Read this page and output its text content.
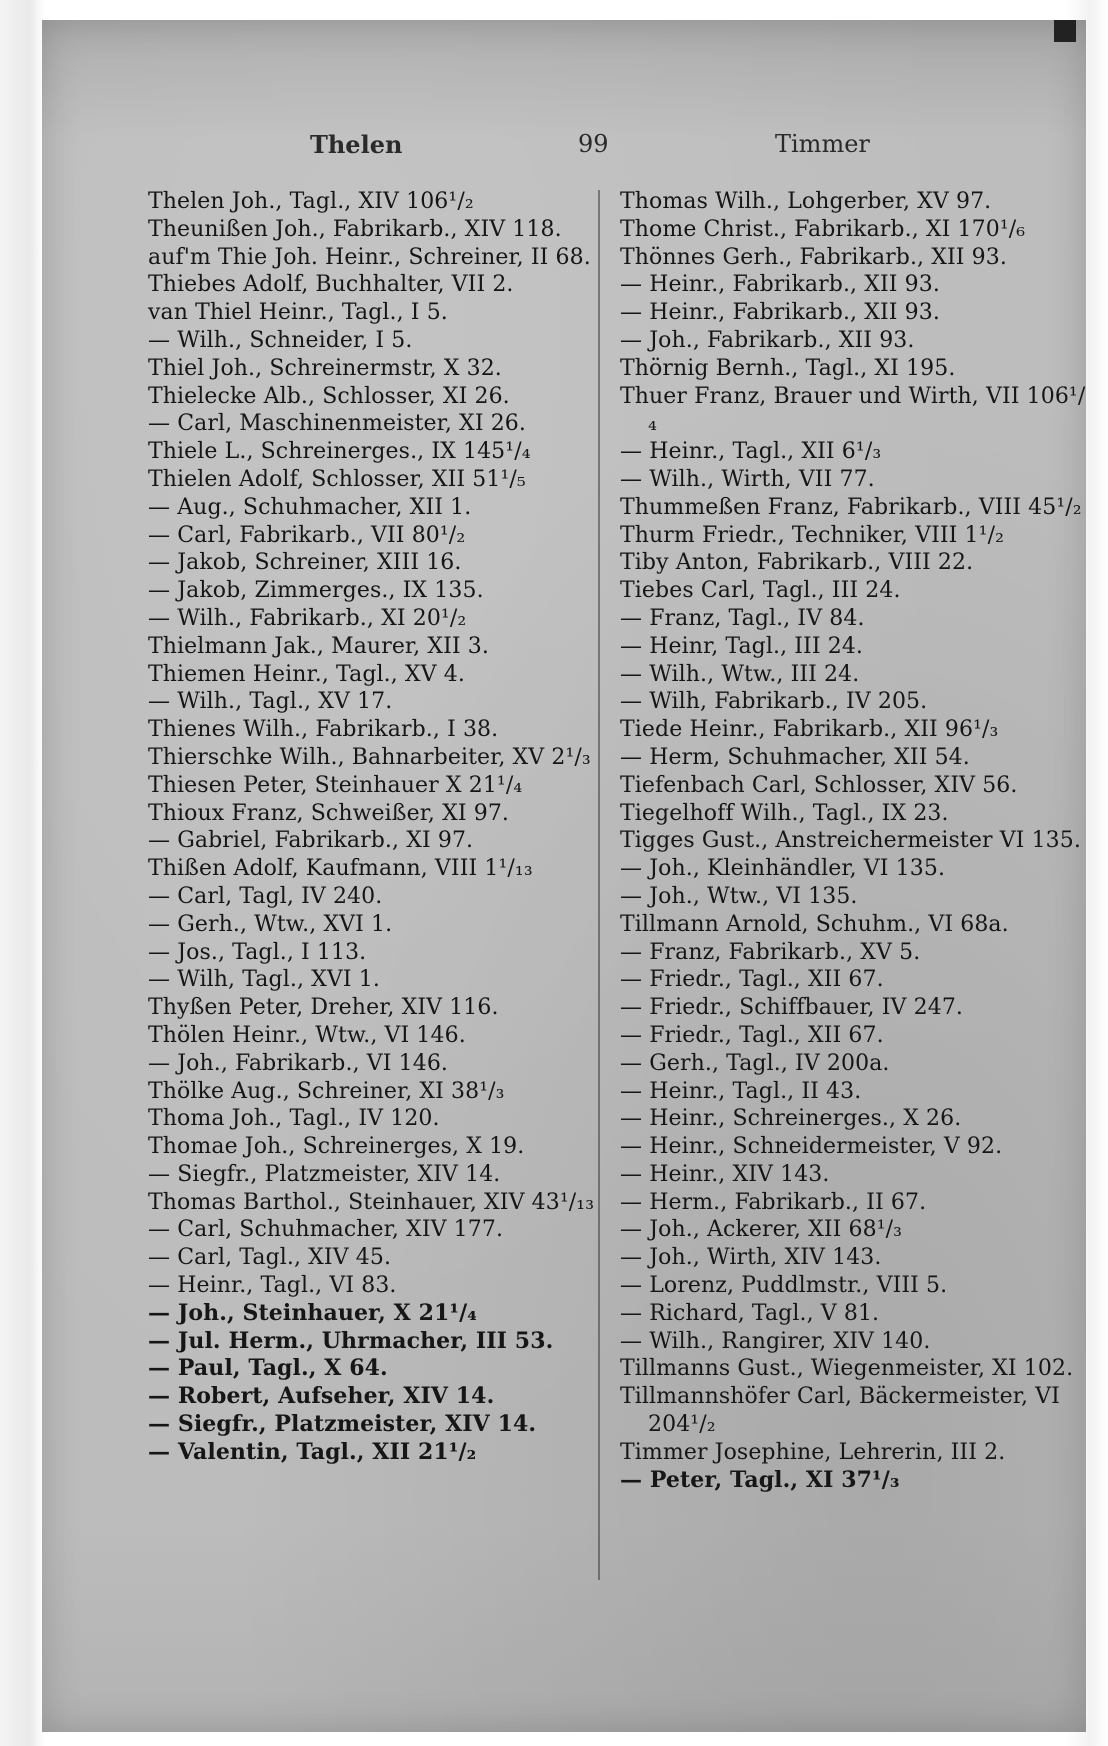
Thelen	99	Timmer
Thelen Joh., Tagl., XIV 106¹/₂
Theunißen Joh., Fabrikarb., XIV 118.
auf'm Thie Joh. Heinr., Schreiner, II 68.
Thiebes Adolf, Buchhalter, VII 2.
van Thiel Heinr., Tagl., I 5.
— Wilh., Schneider, I 5.
Thiel Joh., Schreinermstr, X 32.
Thielecke Alb., Schlosser, XI 26.
— Carl, Maschinenmeister, XI 26.
Thiele L., Schreinerges., IX 145¹/₄
Thielen Adolf, Schlosser, XII 51¹/₅
— Aug., Schuhmacher, XII 1.
— Carl, Fabrikarb., VII 80¹/₂
— Jakob, Schreiner, XIII 16.
— Jakob, Zimmerges., IX 135.
— Wilh., Fabrikarb., XI 20¹/₂
Thielmann Jak., Maurer, XII 3.
Thiemen Heinr., Tagl., XV 4.
— Wilh., Tagl., XV 17.
Thienes Wilh., Fabrikarb., I 38.
Thierschke Wilh., Bahnarbeiter, XV 2¹/₃
Thiesen Peter, Steinhauer X 21¹/₄
Thioux Franz, Schweißer, XI 97.
— Gabriel, Fabrikarb., XI 97.
Thißen Adolf, Kaufmann, VIII 1¹/₁₃
— Carl, Tagl, IV 240.
— Gerh., Wtw., XVI 1.
— Jos., Tagl., I 113.
— Wilh, Tagl., XVI 1.
Thyßen Peter, Dreher, XIV 116.
Thölen Heinr., Wtw., VI 146.
— Joh., Fabrikarb., VI 146.
Thölke Aug., Schreiner, XI 38¹/₃
Thoma Joh., Tagl., IV 120.
Thomae Joh., Schreinerges, X 19.
— Siegfr., Platzmeister, XIV 14.
Thomas Barthol., Steinhauer, XIV 43¹/₁₃
— Carl, Schuhmacher, XIV 177.
— Carl, Tagl., XIV 45.
— Heinr., Tagl., VI 83.
— Joh., Steinhauer, X 21¹/₄
— Jul. Herm., Uhrmacher, III 53.
— Paul, Tagl., X 64.
— Robert, Aufseher, XIV 14.
— Siegfr., Platzmeister, XIV 14.
— Valentin, Tagl., XII 21¹/₂
Thomas Wilh., Lohgerber, XV 97.
Thome Christ., Fabrikarb., XI 170¹/₆
Thönnes Gerh., Fabrikarb., XII 93.
— Heinr., Fabrikarb., XII 93.
— Heinr., Fabrikarb., XII 93.
— Joh., Fabrikarb., XII 93.
Thörnig Bernh., Tagl., XI 195.
Thuer Franz, Brauer und Wirth, VII 106¹/₄
— Heinr., Tagl., XII 6¹/₃
— Wilh., Wirth, VII 77.
Thummeßen Franz, Fabrikarb., VIII 45¹/₂
Thurm Friedr., Techniker, VIII 1¹/₂
Tiby Anton, Fabrikarb., VIII 22.
Tiebes Carl, Tagl., III 24.
— Franz, Tagl., IV 84.
— Heinr, Tagl., III 24.
— Wilh., Wtw., III 24.
— Wilh, Fabrikarb., IV 205.
Tiede Heinr., Fabrikarb., XII 96¹/₃
— Herm, Schuhmacher, XII 54.
Tiefenbach Carl, Schlosser, XIV 56.
Tiegelhoff Wilh., Tagl., IX 23.
Tigges Gust., Anstreichermeister VI 135.
— Joh., Kleinhändler, VI 135.
— Joh., Wtw., VI 135.
Tillmann Arnold, Schuhm., VI 68a.
— Franz, Fabrikarb., XV 5.
— Friedr., Tagl., XII 67.
— Friedr., Schiffbauer, IV 247.
— Friedr., Tagl., XII 67.
— Gerh., Tagl., IV 200a.
— Heinr., Tagl., II 43.
— Heinr., Schreinerges., X 26.
— Heinr., Schneidermeister, V 92.
— Heinr., XIV 143.
— Herm., Fabrikarb., II 67.
— Joh., Ackerer, XII 68¹/₃
— Joh., Wirth, XIV 143.
— Lorenz, Puddlmstr., VIII 5.
— Richard, Tagl., V 81.
— Wilh., Rangirer, XIV 140.
Tillmanns Gust., Wiegenmeister, XI 102.
Tillmannshöfer Carl, Bäckermeister, VI 204¹/₂
Timmer Josephine, Lehrerin, III 2.
— Peter, Tagl., XI 37¹/₃
